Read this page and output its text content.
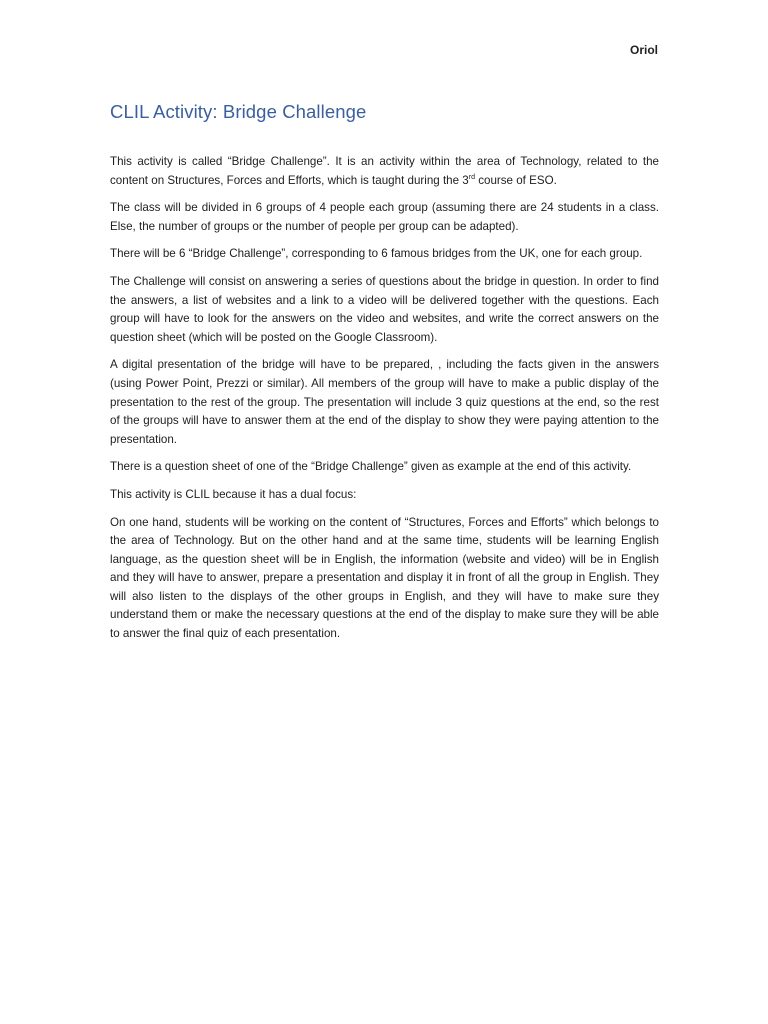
Oriol
CLIL Activity: Bridge Challenge

This activity is called “Bridge Challenge”. It is an activity within the area of Technology, related to the content on Structures, Forces and Efforts, which is taught during the 3rd course of ESO.

The class will be divided in 6 groups of 4 people each group (assuming there are 24 students in a class. Else, the number of groups or the number of people per group can be adapted).

There will be 6 “Bridge Challenge”, corresponding to 6 famous bridges from the UK, one for each group.

The Challenge will consist on answering a series of questions about the bridge in question. In order to find the answers, a list of websites and a link to a video will be delivered together with the questions. Each group will have to look for the answers on the video and websites, and write the correct answers on the question sheet (which will be posted on the Google Classroom).

A digital presentation of the bridge will have to be prepared, , including the facts given in the answers (using Power Point, Prezzi or similar). All members of the group will have to make a public display of the presentation to the rest of the group. The presentation will include 3 quiz questions at the end, so the rest of the groups will have to answer them at the end of the display to show they were paying attention to the presentation.

There is a question sheet of one of the “Bridge Challenge” given as example at the end of this activity.

This activity is CLIL because it has a dual focus:

On one hand, students will be working on the content of “Structures, Forces and Efforts” which belongs to the area of Technology. But on the other hand and at the same time, students will be learning English language, as the question sheet will be in English, the information (website and video) will be in English and they will have to answer, prepare a presentation and display it in front of all the group in English. They will also listen to the displays of the other groups in English, and they will have to make sure they understand them or make the necessary questions at the end of the display to make sure they will be able to answer the final quiz of each presentation.
